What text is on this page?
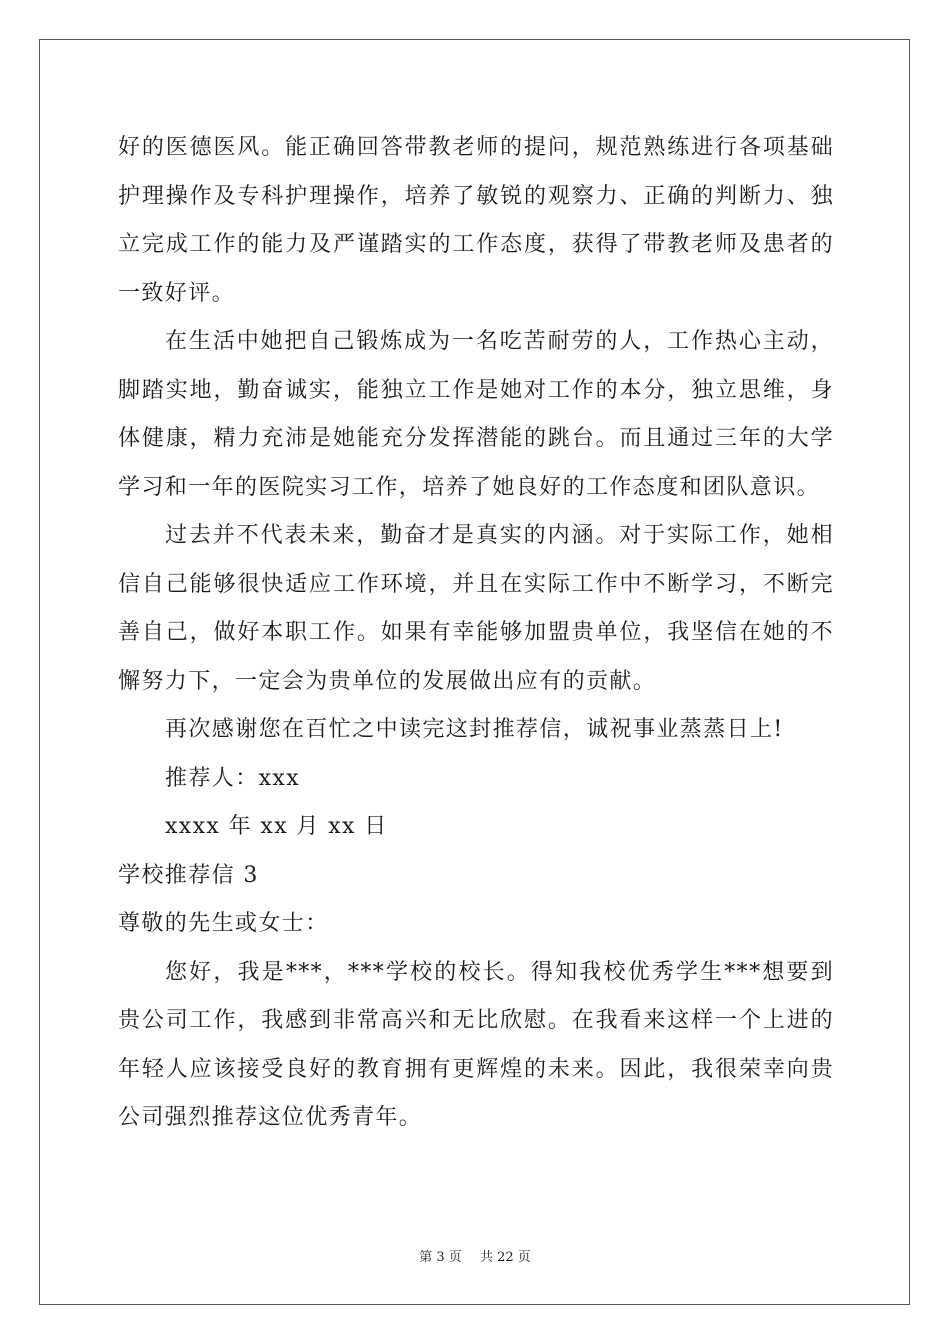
好的医德医风。能正确回答带教老师的提问，规范熟练进行各项基础护理操作及专科护理操作，培养了敏锐的观察力、正确的判断力、独立完成工作的能力及严谨踏实的工作态度，获得了带教老师及患者的一致好评。

在生活中她把自己锻炼成为一名吃苦耐劳的人，工作热心主动，脚踏实地，勤奋诚实，能独立工作是她对工作的本分，独立思维，身体健康，精力充沛是她能充分发挥潜能的跳台。而且通过三年的大学学习和一年的医院实习工作，培养了她良好的工作态度和团队意识。

过去并不代表未来，勤奋才是真实的内涵。对于实际工作，她相信自己能够很快适应工作环境，并且在实际工作中不断学习，不断完善自己，做好本职工作。如果有幸能够加盟贵单位，我坚信在她的不懈努力下，一定会为贵单位的发展做出应有的贡献。

再次感谢您在百忙之中读完这封推荐信，诚祝事业蒸蒸日上!

推荐人：xxx

xxxx 年 xx 月 xx 日

学校推荐信 3

尊敬的先生或女士：

您好，我是***，***学校的校长。得知我校优秀学生***想要到贵公司工作，我感到非常高兴和无比欣慰。在我看来这样一个上进的年轻人应该接受良好的教育拥有更辉煌的未来。因此，我很荣幸向贵公司强烈推荐这位优秀青年。

第 3 页 共 22 页
